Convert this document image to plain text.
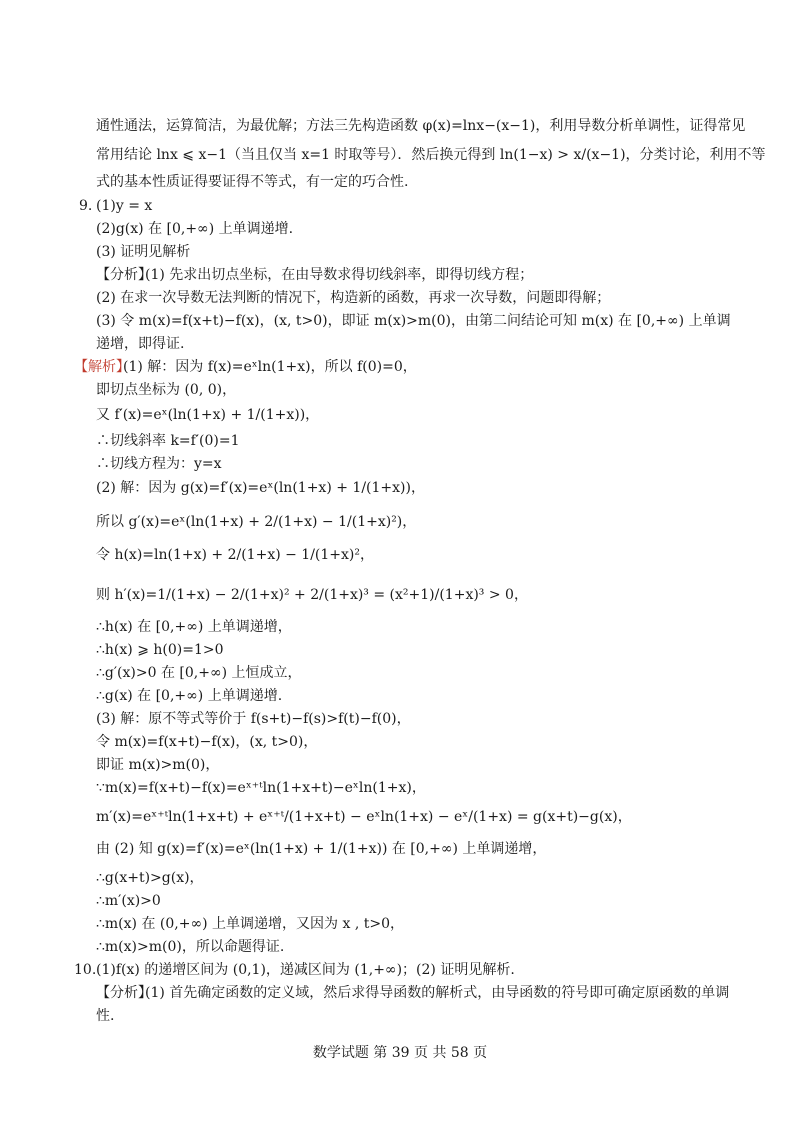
通性通法，运算简洁，为最优解；方法三先构造函数 φ(x)=lnx−(x−1)，利用导数分析单调性，证得常见
常用结论 lnx ⩽ x−1（当且仅当 x=1 时取等号）．然后换元得到 ln(1−x) > x/(x−1)，分类讨论，利用不等
式的基本性质证得要证得不等式，有一定的巧合性.
9. (1)y = x
(2)g(x) 在 [0,+∞) 上单调递增.
(3) 证明见解析
【分析】
(1) 先求出切点坐标，在由导数求得切线斜率，即得切线方程；
(2) 在求一次导数无法判断的情况下，构造新的函数，再求一次导数，问题即得解；
(3) 令 m(x)=f(x+t)−f(x)，(x, t>0)，即证 m(x)>m(0)，由第二问结论可知 m(x) 在 [0,+∞) 上单调
递增，即得证.
【解析】
(1) 解：因为 f(x)=eˣln(1+x)，所以 f(0)=0，
即切点坐标为 (0, 0)，
又 f′(x)=eˣ(ln(1+x) + 1/(1+x))，
∴切线斜率 k=f′(0)=1
∴切线方程为：y=x
(2) 解：因为 g(x)=f′(x)=eˣ(ln(1+x) + 1/(1+x))，
所以 g′(x)=eˣ(ln(1+x) + 2/(1+x) − 1/(1+x)²)，
令 h(x)=ln(1+x) + 2/(1+x) − 1/(1+x)²，
则 h′(x)=1/(1+x) − 2/(1+x)² + 2/(1+x)³ = (x²+1)/(1+x)³ > 0，
∴h(x) 在 [0,+∞) 上单调递增，
∴h(x) ⩾ h(0)=1>0
∴g′(x)>0 在 [0,+∞) 上恒成立，
∴g(x) 在 [0,+∞) 上单调递增.
(3) 解：原不等式等价于 f(s+t)−f(s)>f(t)−f(0)，
令 m(x)=f(x+t)−f(x)，(x, t>0)，
即证 m(x)>m(0)，
∵m(x)=f(x+t)−f(x)=eˣ⁺ᵗln(1+x+t)−eˣln(1+x)，
m′(x)=eˣ⁺ᵗln(1+x+t) + eˣ⁺ᵗ/(1+x+t) − eˣln(1+x) − eˣ/(1+x) = g(x+t)−g(x)，
由 (2) 知 g(x)=f′(x)=eˣ(ln(1+x) + 1/(1+x)) 在 [0,+∞) 上单调递增，
∴g(x+t)>g(x)，
∴m′(x)>0
∴m(x) 在 (0,+∞) 上单调递增，又因为 x , t>0，
∴m(x)>m(0)，所以命题得证.
10. (1)f(x) 的递增区间为 (0,1)，递减区间为 (1,+∞)；(2) 证明见解析.
【分析】
(1) 首先确定函数的定义域，然后求得导函数的解析式，由导函数的符号即可确定原函数的单调
性.
数学试题 第 39 页 共 58 页
